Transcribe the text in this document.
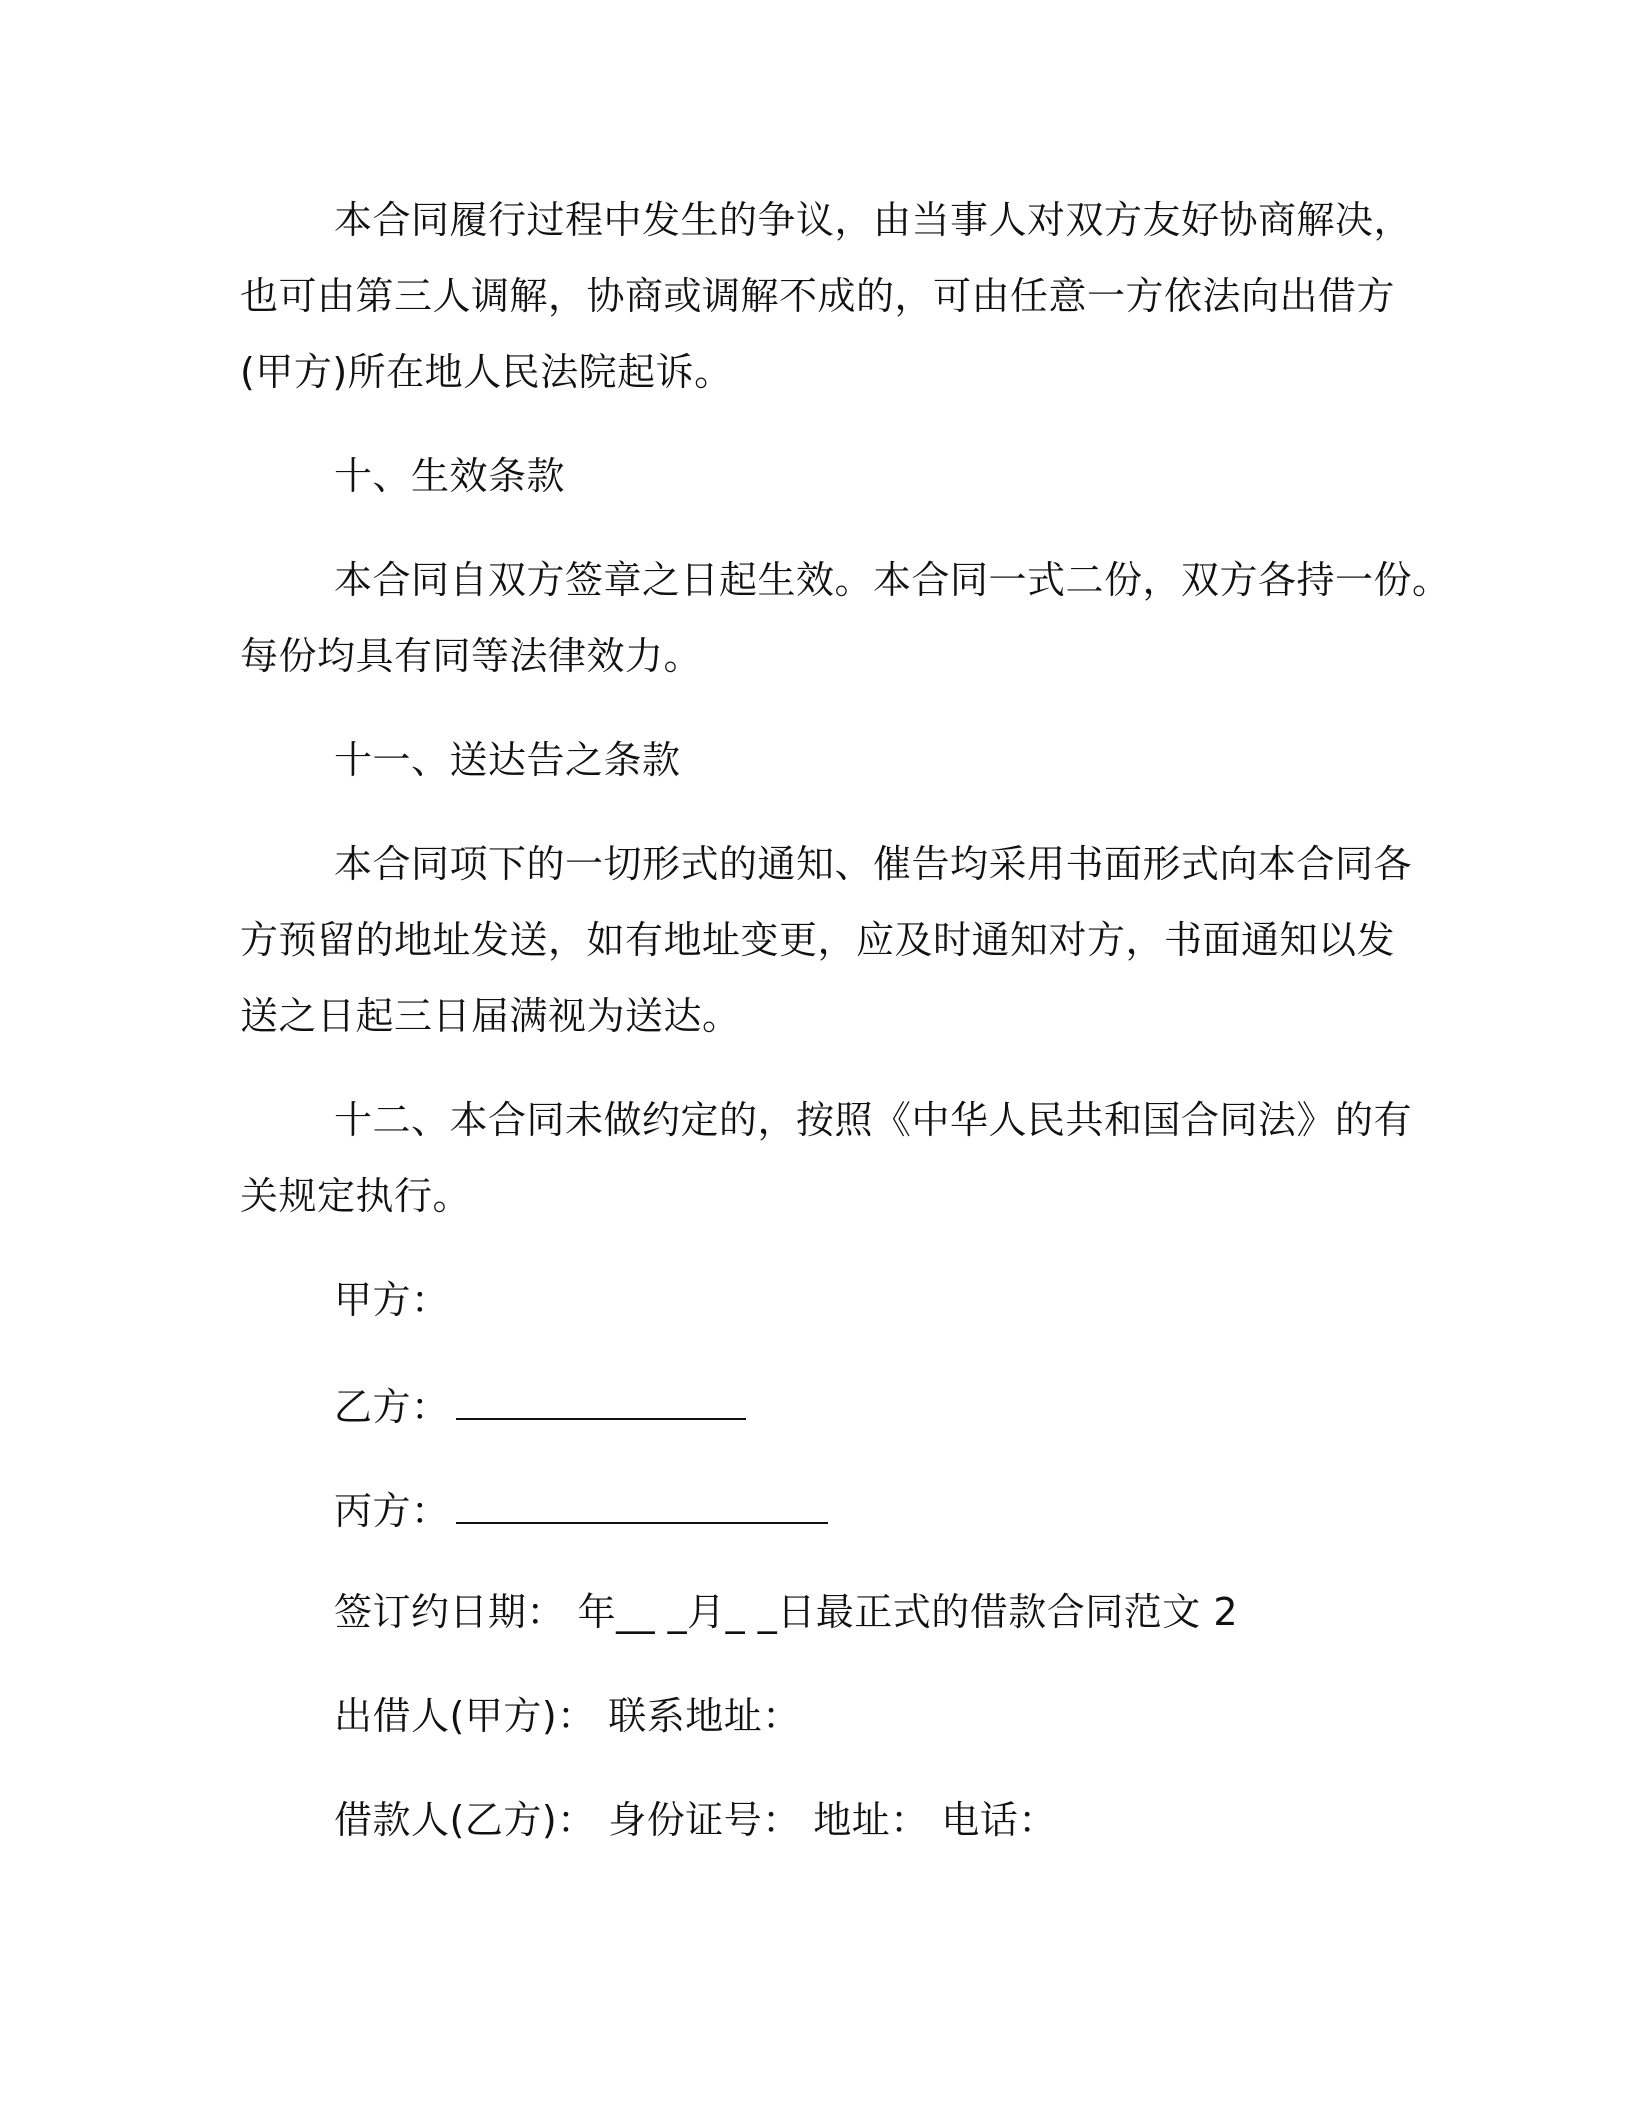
本合同履行过程中发生的争议，由当事人对双方友好协商解决，
也可由第三人调解，协商或调解不成的，可由任意一方依法向出借方
(甲方)所在地人民法院起诉。
十、生效条款
本合同自双方签章之日起生效。本合同一式二份，双方各持一份。
每份均具有同等法律效力。
十一、送达告之条款
本合同项下的一切形式的通知、催告均采用书面形式向本合同各
方预留的地址发送，如有地址变更，应及时通知对方，书面通知以发
送之日起三日届满视为送达。
十二、本合同未做约定的，按照《中华人民共和国合同法》的有
关规定执行。
甲方：
乙方：
丙方：
签订约日期： 年__ _月_ _日最正式的借款合同范文 2
出借人(甲方)： 联系地址：
借款人(乙方)： 身份证号： 地址： 电话：
